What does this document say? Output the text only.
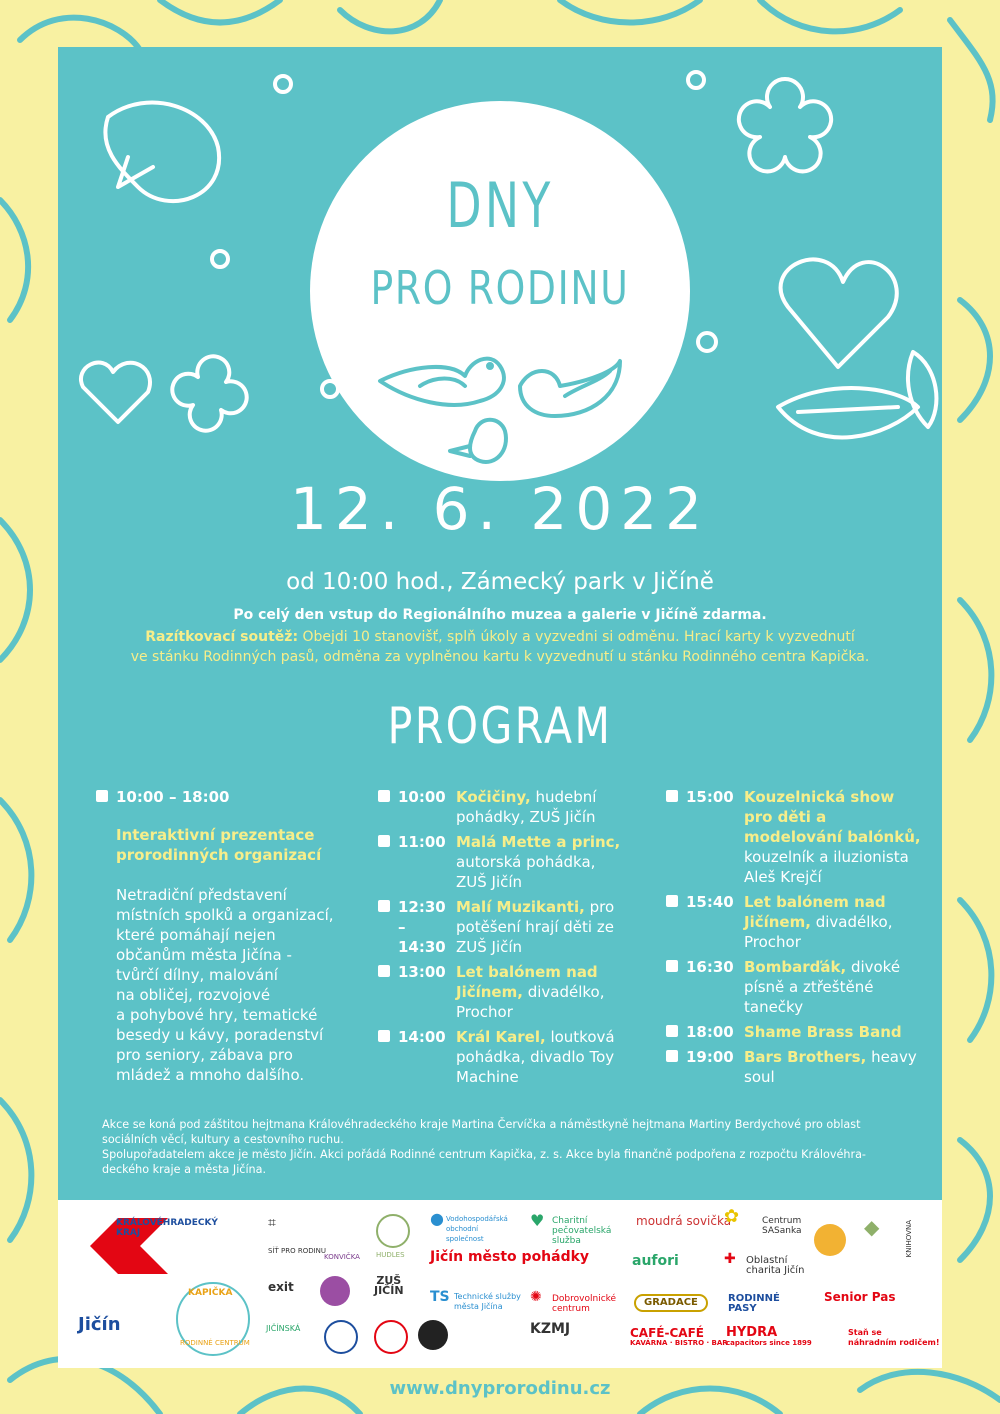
DNY
PRO RODINU
12. 6. 2022
od 10:00 hod., Zámecký park v Jičíně
Po celý den vstup do Regionálního muzea a galerie v Jičíně zdarma.
Razítkovací soutěž: Obejdi 10 stanovišť, splň úkoly a vyzvedni si odměnu. Hrací karty k vyzvednutí
ve stánku Rodinných pasů, odměna za vyplněnou kartu k vyzvednutí u stánku Rodinného centra Kapička.
PROGRAM
10:00 – 18:00
Interaktivní prezentace
prorodinných organizací
Netradiční představení
místních spolků a organizací,
které pomáhají nejen
občanům města Jičína -
tvůrčí dílny, malování
na obličej, rozvojové
a pohybové hry, tematické
besedy u kávy, poradenství
pro seniory, zábava pro
mládež a mnoho dalšího.
10:00 Kočičiny, hudební pohádky, ZUŠ Jičín
11:00 Malá Mette a princ, autorská pohádka, ZUŠ Jičín
12:30 – 14:30
Malí Muzikanti, pro potěšení hrají děti ze ZUŠ Jičín
13:00 Let balónem nad Jičínem, divadélko, Prochor
14:00 Král Karel, loutková pohádka, divadlo Toy Machine
15:00 Kouzelnická show pro děti a modelování balónků, kouzelník a iluzionista Aleš Krejčí
15:40 Let balónem nad Jičínem, divadélko, Prochor
16:30 Bombarďák, divoké písně a ztřeštěné tanečky
18:00 Shame Brass Band
19:00 Bars Brothers, heavy soul
Akce se koná pod záštitou hejtmana Královéhradeckého kraje Martina Červíčka a náměstkyně hejtmana Martiny Berdychové pro oblast
sociálních věcí, kultury a cestovního ruchu.
Spolupořadatelem akce je město Jičín. Akci pořádá Rodinné centrum Kapička, z. s. Akce byla finančně podpořena z rozpočtu Královéhra-
deckého kraje a města Jičína.
KRÁLOVÉHRADECKÝ KRAJ
Jičín
KAPIČKA
RODINNÉ CENTRUM
⌗
SÍŤ PRO RODINU
KONVIČKA HUDLES
● Vodohospodářská
obchodní
společnost
♥ Charitní
pečovatelská
služba
moudrá sovička
✿	Centrum
SASanka	◆	KNIHOVNA
Jičín město pohádky	aufori	✚ Oblastní
charita Jičín
exit	ZUŠ
JIČÍN TS Technické služby
města Jičína
✺ Dobrovolnické
centrum
GRADACE	RODINNÉ
PASY
Senior Pas
JIČÍNSKÁ	KZMJ	CAFÉ-CAFÉ
KAVÁRNA · BISTRO · BAR
HYDRA
capacitors since 1899
Staň se
náhradním rodičem!
www.dnyprorodinu.cz
